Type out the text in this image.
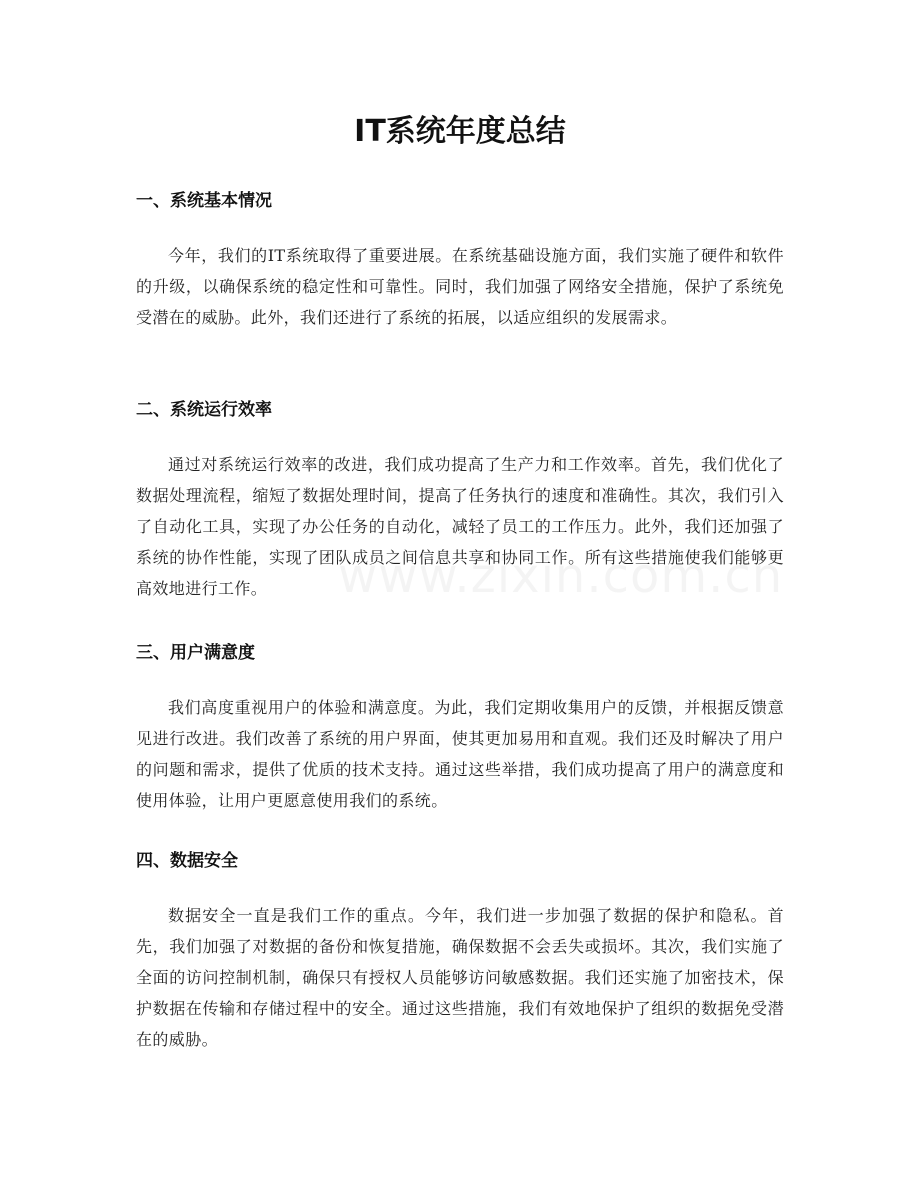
IT系统年度总结
一、系统基本情况

今年，我们的IT系统取得了重要进展。在系统基础设施方面，我们实施了硬件和软件的升级，以确保系统的稳定性和可靠性。同时，我们加强了网络安全措施，保护了系统免受潜在的威胁。此外，我们还进行了系统的拓展，以适应组织的发展需求。

二、系统运行效率

通过对系统运行效率的改进，我们成功提高了生产力和工作效率。首先，我们优化了数据处理流程，缩短了数据处理时间，提高了任务执行的速度和准确性。其次，我们引入了自动化工具，实现了办公任务的自动化，减轻了员工的工作压力。此外，我们还加强了系统的协作性能，实现了团队成员之间信息共享和协同工作。所有这些措施使我们能够更高效地进行工作。

三、用户满意度

我们高度重视用户的体验和满意度。为此，我们定期收集用户的反馈，并根据反馈意见进行改进。我们改善了系统的用户界面，使其更加易用和直观。我们还及时解决了用户的问题和需求，提供了优质的技术支持。通过这些举措，我们成功提高了用户的满意度和使用体验，让用户更愿意使用我们的系统。

四、数据安全

数据安全一直是我们工作的重点。今年，我们进一步加强了数据的保护和隐私。首先，我们加强了对数据的备份和恢复措施，确保数据不会丢失或损坏。其次，我们实施了全面的访问控制机制，确保只有授权人员能够访问敏感数据。我们还实施了加密技术，保护数据在传输和存储过程中的安全。通过这些措施，我们有效地保护了组织的数据免受潜在的威胁。
